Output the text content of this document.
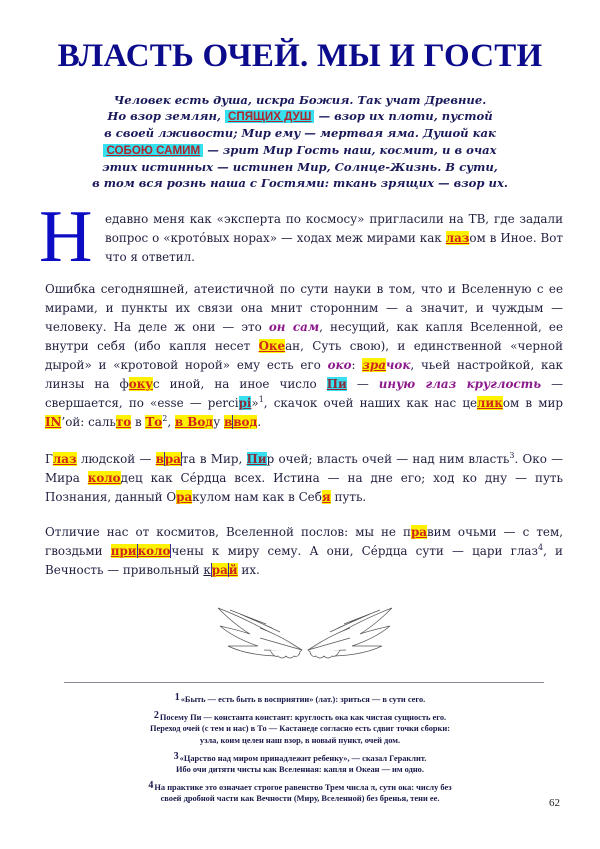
ВЛАСТЬ ОЧЕЙ. МЫ И ГОСТИ
Человек есть душа, искра Божия. Так учат Древние.
Но взор землян, СПЯЩИХ ДУШ — взор их плоти, пустой
в своей лживости; Мир ему — мертвая яма. Душой как
СОБОЮ САМИМ — зрит Мир Гость наш, космит, и в очах
этих истинных — истинен Мир, Солнце-Жизнь. В сути,
в том вся рознь наша с Гостями: ткань зрящих — взор их.
Н едавно меня как «эксперта по космосу» пригласили на ТВ, где задали вопрос о «кротóвых норах» — ходах меж мирами как лазом в Иное. Вот что я ответил.
Ошибка сегодняшней, атеистичной по сути науки в том, что и Вселенную с ее мирами, и пункты их связи она мнит сторонним — а значит, и чуждым — человеку. На деле ж они — это он сам, несущий, как капля Вселенной, ее внутри себя (ибо капля несет Океан, Суть свою), и единственной «черной дырой» и «кротовой норой» ему есть его око: зрачок, чьей настройкой, как линзы на фокус иной, на иное число Пи — иную глаз круглость — свершается, по «esse — percipi»$^1$, скачок очей наших как нас целиком в мир IN’ой: сальто в $То^2$, в Воду ввод.
Глаз людской — врата в Мир, Пир очей; власть очей — над ним власть$^3$. Око — Мира колодец как Сéрдца всех. Истина — на дне его; ход ко дну — путь Познания, данный Оракулом нам как в Себя путь.
Отличие нас от космитов, Вселенной послов: мы не правим очьми — с тем, гвоздьми приколочены к миру сему. А они, Сéрдца сути — цари глаз$^4$, и Вечность — привольный край их.
1«Быть — есть быть в восприятии» (лат.): зриться — в сути сего.
2Посему Пи — константа констант: круглость ока как чистая сущность его.
Переход очей (с тем и нас) в То — Кастанеде согласно есть сдвиг точки сборки:
узла, коим целен наш взор, в новый пункт, очей дом.
3«Царство над миром принадлежит ребенку», — сказал Гераклит.
Ибо очи дитяти чисты как Вселенная: капля и Океан — им одно.
4На практике это означает строгое равенство Трем числа π, сути ока: числу без
своей дробной части как Вечности (Миру, Вселенной) без бренья, тени ее.	62
